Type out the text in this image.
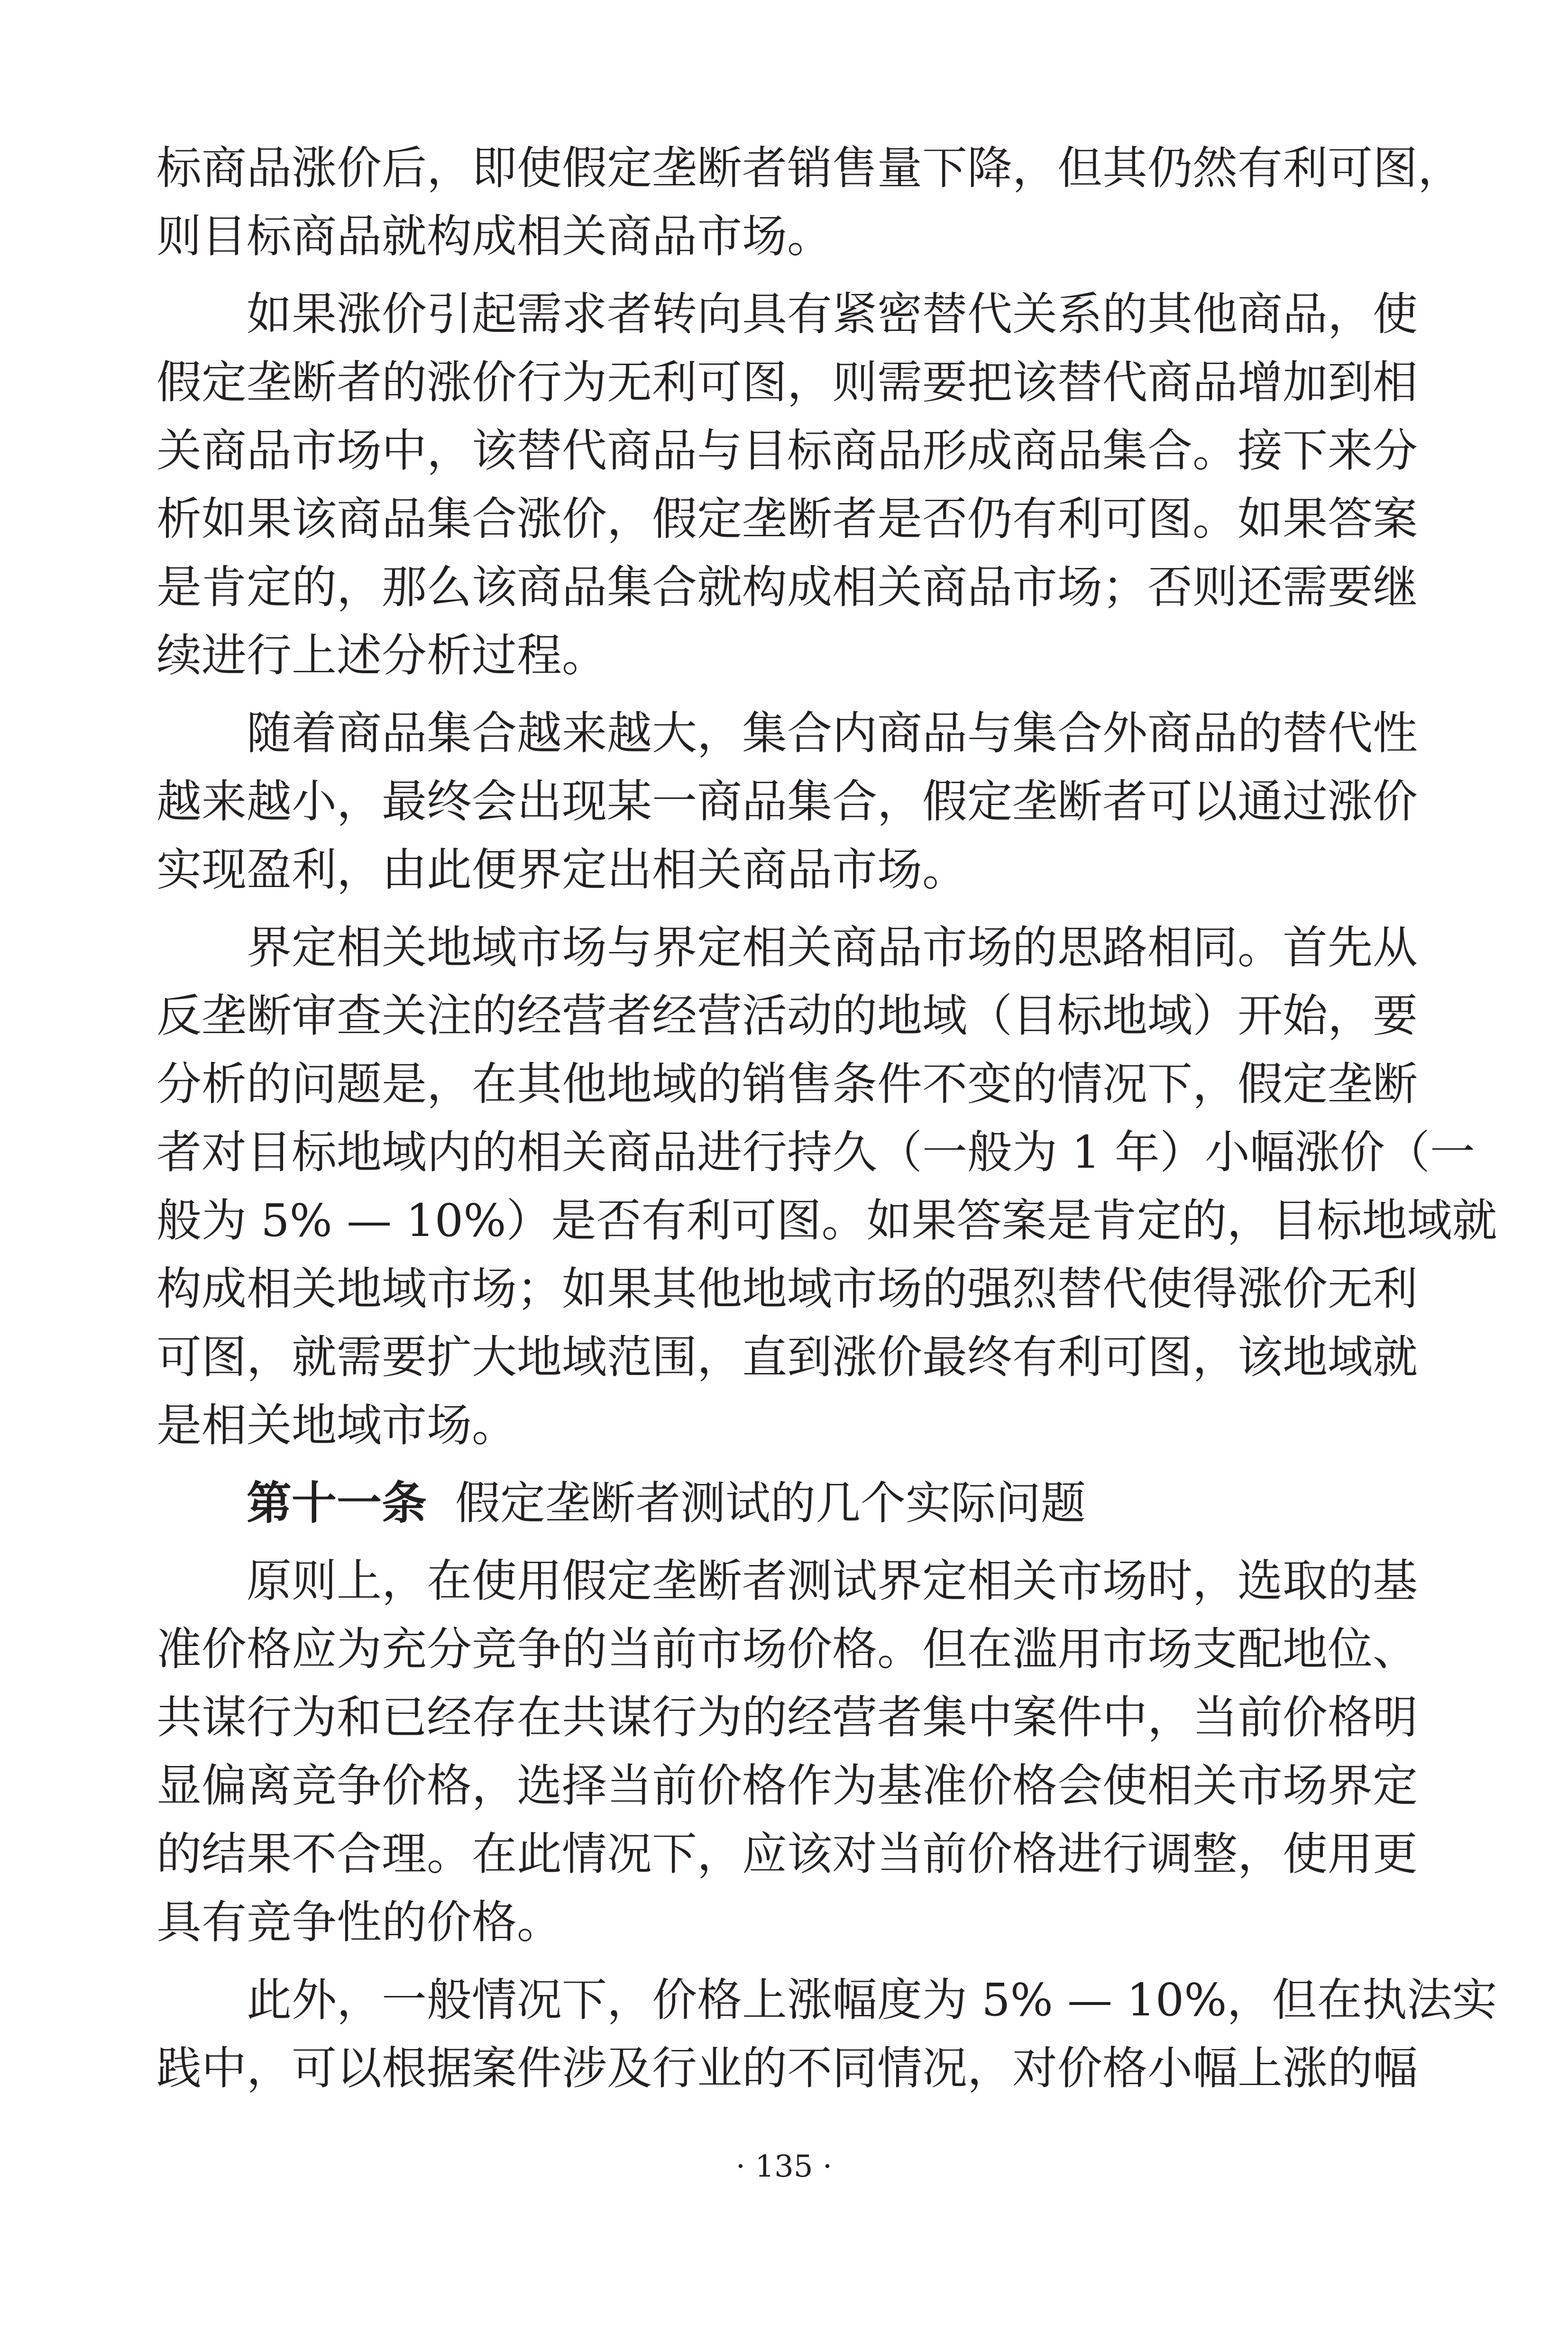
标商品涨价后，即使假定垄断者销售量下降，但其仍然有利可图，
则目标商品就构成相关商品市场。
　　如果涨价引起需求者转向具有紧密替代关系的其他商品，使
假定垄断者的涨价行为无利可图，则需要把该替代商品增加到相
关商品市场中，该替代商品与目标商品形成商品集合。接下来分
析如果该商品集合涨价，假定垄断者是否仍有利可图。如果答案
是肯定的，那么该商品集合就构成相关商品市场；否则还需要继
续进行上述分析过程。
　　随着商品集合越来越大，集合内商品与集合外商品的替代性
越来越小，最终会出现某一商品集合，假定垄断者可以通过涨价
实现盈利，由此便界定出相关商品市场。
　　界定相关地域市场与界定相关商品市场的思路相同。首先从
反垄断审查关注的经营者经营活动的地域（目标地域）开始，要
分析的问题是，在其他地域的销售条件不变的情况下，假定垄断
者对目标地域内的相关商品进行持久（一般为 1 年）小幅涨价（一
般为 5% — 10%）是否有利可图。如果答案是肯定的，目标地域就
构成相关地域市场；如果其他地域市场的强烈替代使得涨价无利
可图，就需要扩大地域范围，直到涨价最终有利可图，该地域就
是相关地域市场。
第十一条 假定垄断者测试的几个实际问题
　　原则上，在使用假定垄断者测试界定相关市场时，选取的基
准价格应为充分竞争的当前市场价格。但在滥用市场支配地位、
共谋行为和已经存在共谋行为的经营者集中案件中，当前价格明
显偏离竞争价格，选择当前价格作为基准价格会使相关市场界定
的结果不合理。在此情况下，应该对当前价格进行调整，使用更
具有竞争性的价格。
　　此外，一般情况下，价格上涨幅度为 5% — 10%，但在执法实
践中，可以根据案件涉及行业的不同情况，对价格小幅上涨的幅
· 135 ·
